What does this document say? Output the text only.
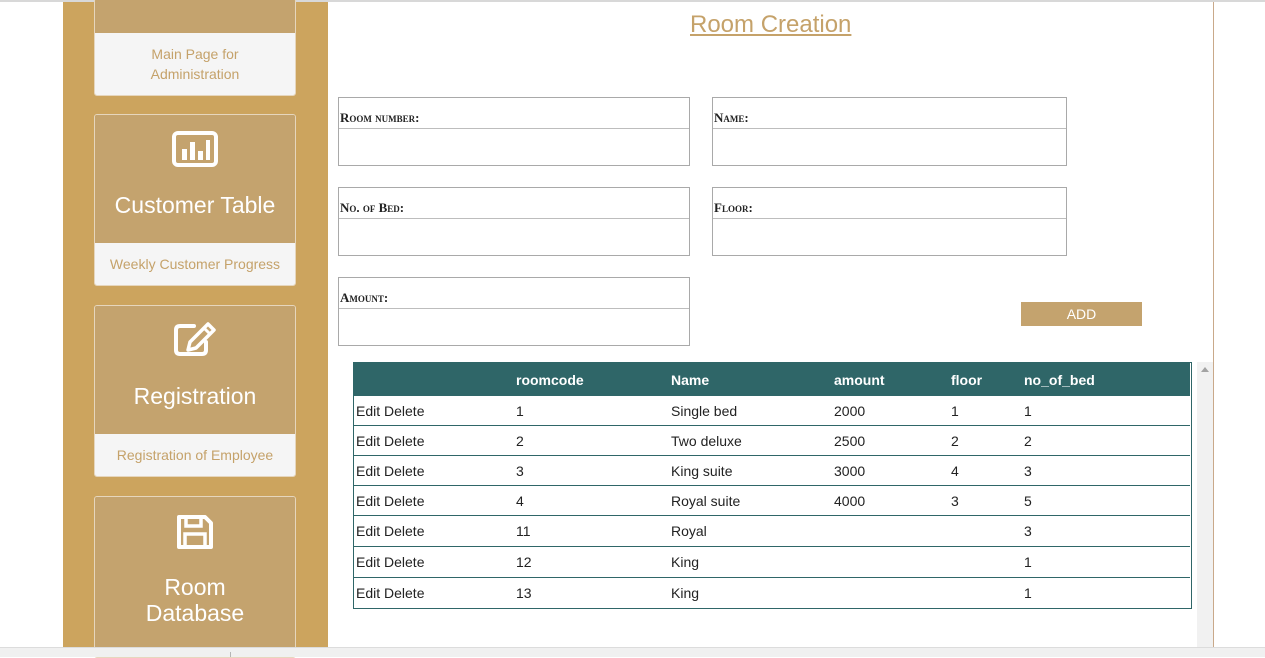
Main Page for Administration
Customer Table
Weekly Customer Progress
Registration
Registration of Employee
Room Database
Room Creation
Room number:	Name:
No. of Bed:	Floor:
Amount:
ADD
	roomcode	Name	amount	floor	no_of_bed
Edit Delete	1	Single bed	2000	1	1
Edit Delete	2	Two deluxe	2500	2	2
Edit Delete	3	King suite	3000	4	3
Edit Delete	4	Royal suite	4000	3	5
Edit Delete	11	Royal			3
Edit Delete	12	King			1
Edit Delete	13	King			1
